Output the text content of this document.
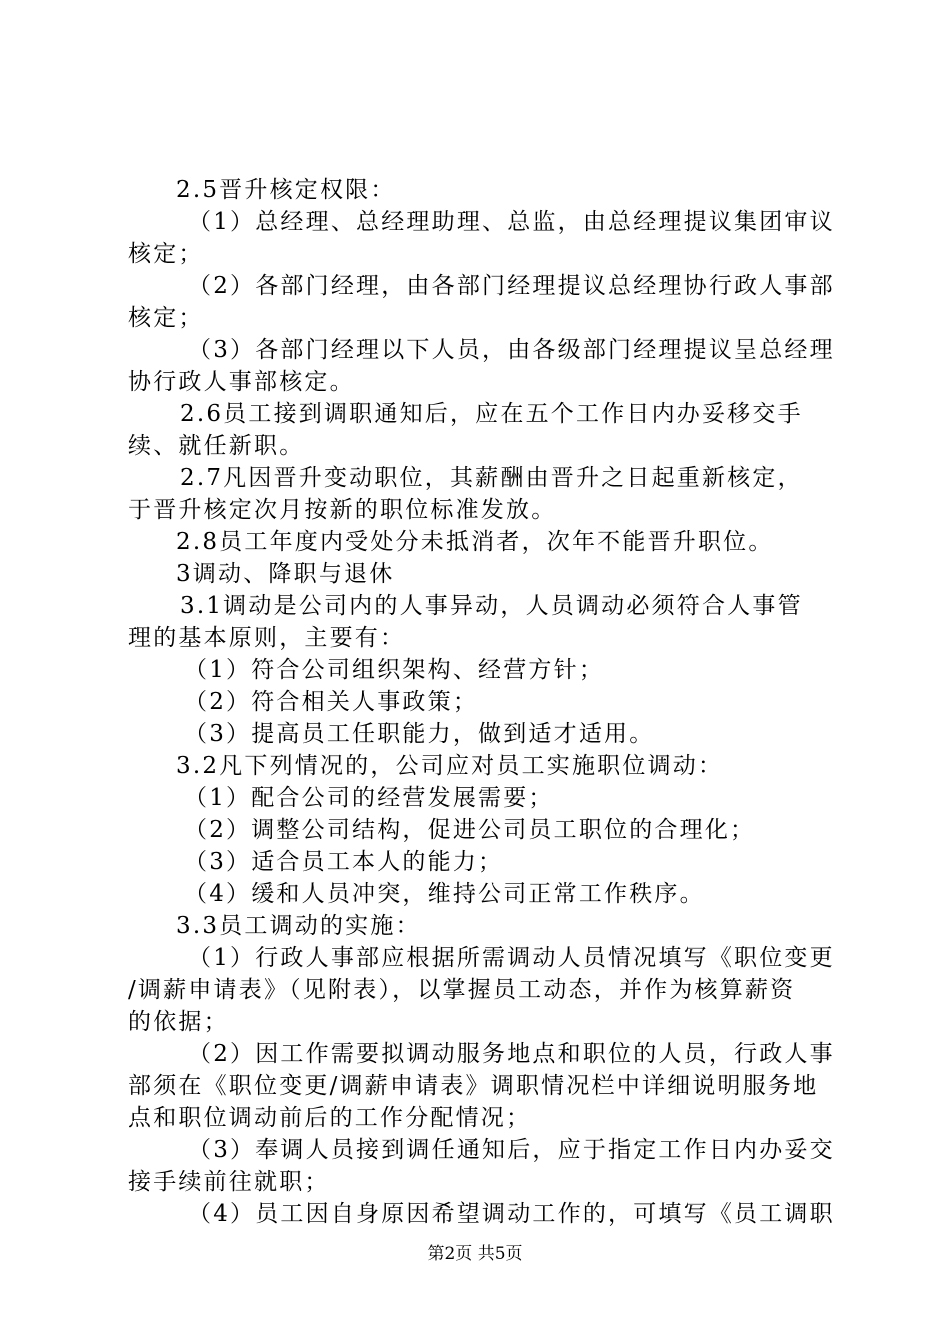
2.5晋升核定权限：
（1）总经理、总经理助理、总监，由总经理提议集团审议
核定；
（2）各部门经理，由各部门经理提议总经理协行政人事部
核定；
（3）各部门经理以下人员，由各级部门经理提议呈总经理
协行政人事部核定。
2.6员工接到调职通知后，应在五个工作日内办妥移交手
续、就任新职。
2.7凡因晋升变动职位，其薪酬由晋升之日起重新核定，
于晋升核定次月按新的职位标准发放。
2.8员工年度内受处分未抵消者，次年不能晋升职位。
3调动、降职与退休
3.1调动是公司内的人事异动，人员调动必须符合人事管
理的基本原则，主要有：
（1）符合公司组织架构、经营方针；
（2）符合相关人事政策；
（3）提高员工任职能力，做到适才适用。
3.2凡下列情况的，公司应对员工实施职位调动：
（1）配合公司的经营发展需要；
（2）调整公司结构，促进公司员工职位的合理化；
（3）适合员工本人的能力；
（4）缓和人员冲突，维持公司正常工作秩序。
3.3员工调动的实施：
（1）行政人事部应根据所需调动人员情况填写《职位变更
/调薪申请表》（见附表），以掌握员工动态，并作为核算薪资
的依据；
（2）因工作需要拟调动服务地点和职位的人员，行政人事
部须在《职位变更/调薪申请表》调职情况栏中详细说明服务地
点和职位调动前后的工作分配情况；
（3）奉调人员接到调任通知后，应于指定工作日内办妥交
接手续前往就职；
（4）员工因自身原因希望调动工作的，可填写《员工调职
第2页 共5页
